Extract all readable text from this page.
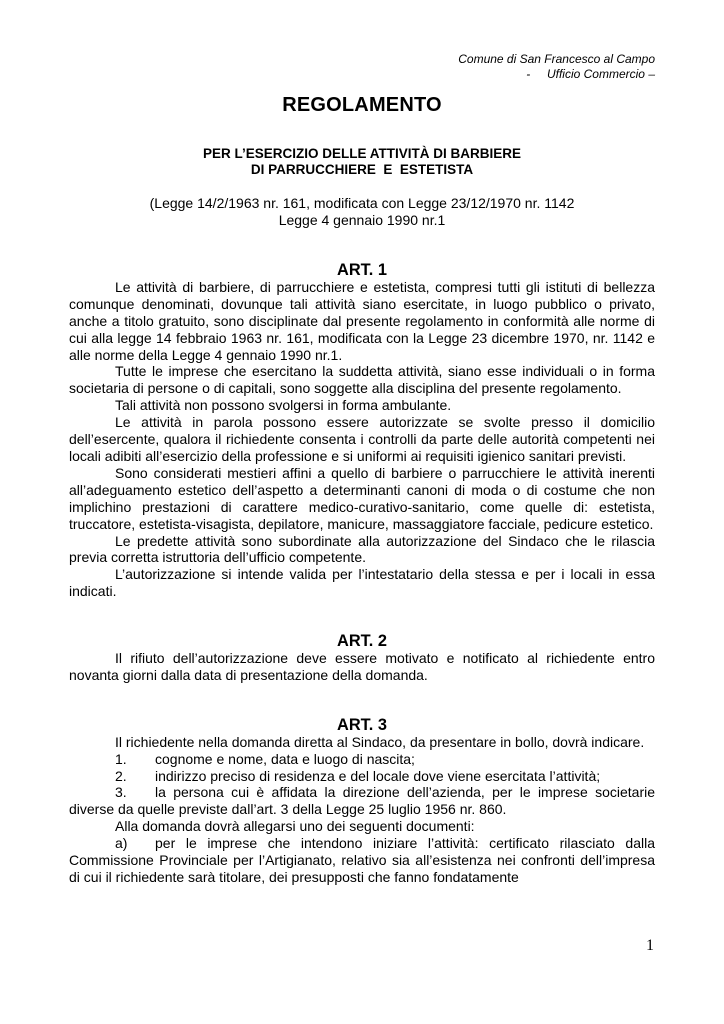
Comune di San Francesco al Campo
-     Ufficio Commercio –
REGOLAMENTO
PER L’ESERCIZIO DELLE ATTIVITÀ DI BARBIERE
DI PARRUCCHIERE  E  ESTETISTA
(Legge 14/2/1963 nr. 161, modificata con Legge 23/12/1970 nr. 1142
Legge 4 gennaio 1990 nr.1
ART. 1

Le attività di barbiere, di parrucchiere e estetista, compresi tutti gli istituti di bellezza comunque denominati, dovunque tali attività siano esercitate, in luogo pubblico o privato, anche a titolo gratuito, sono disciplinate dal presente regolamento in conformità alle norme di cui alla legge 14 febbraio 1963 nr. 161, modificata con la Legge 23 dicembre 1970, nr. 1142 e alle norme della Legge 4 gennaio 1990 nr.1.

Tutte le imprese che esercitano la suddetta attività, siano esse individuali o in forma societaria di persone o di capitali, sono soggette alla disciplina del presente regolamento.

Tali attività non possono svolgersi in forma ambulante.

Le attività in parola possono essere autorizzate se svolte presso il domicilio dell’esercente, qualora il richiedente consenta i controlli da parte delle autorità competenti nei locali adibiti all’esercizio della professione e si uniformi ai requisiti igienico sanitari previsti.

Sono considerati mestieri affini a quello di barbiere o parrucchiere le attività inerenti all’adeguamento estetico dell’aspetto a determinanti canoni di moda o di costume che non implichino prestazioni di carattere medico-curativo-sanitario, come quelle di: estetista, truccatore, estetista-visagista, depilatore, manicure, massaggiatore facciale, pedicure estetico.

Le predette attività sono subordinate alla autorizzazione del Sindaco che le rilascia previa corretta istruttoria dell’ufficio competente.

L’autorizzazione si intende valida per l’intestatario della stessa e per i locali in essa indicati.

ART. 2

Il rifiuto dell’autorizzazione deve essere motivato e notificato al richiedente entro novanta giorni dalla data di presentazione della domanda.

ART. 3

Il richiedente nella domanda diretta al Sindaco, da presentare in bollo, dovrà indicare.

1. cognome e nome, data e luogo di nascita;

2. indirizzo preciso di residenza e del locale dove viene esercitata l’attività;

3. la persona cui è affidata la direzione dell’azienda, per le imprese societarie diverse da quelle previste dall’art. 3 della Legge 25 luglio 1956 nr. 860.

Alla domanda dovrà allegarsi uno dei seguenti documenti:

a) per le imprese che intendono iniziare l’attività: certificato rilasciato dalla Commissione Provinciale per l’Artigianato, relativo sia all’esistenza nei confronti dell’impresa di cui il richiedente sarà titolare, dei presupposti che fanno fondatamente

1
